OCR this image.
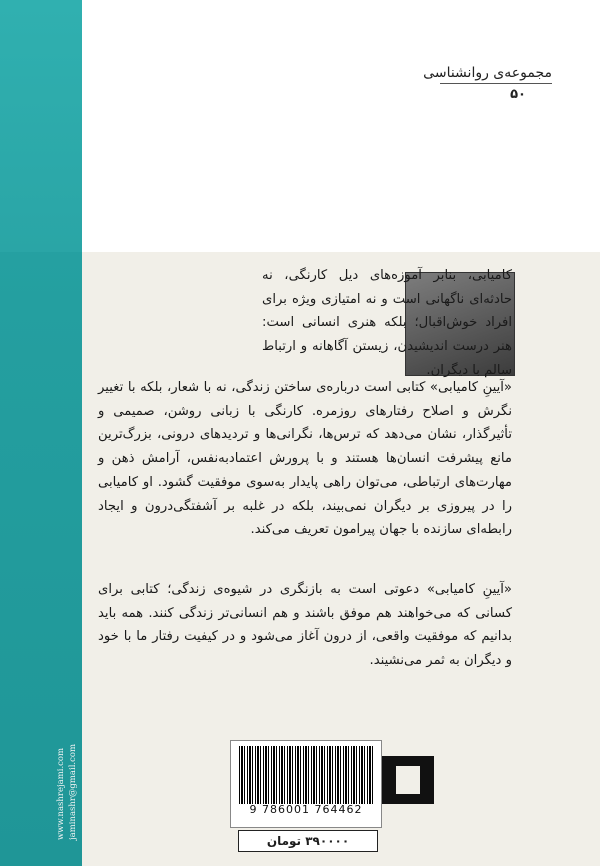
مجموعه‌ی روانشناسی
۵۰
کامیابی، بنابر آموزه‌های دیل کارنگی، نه حادثه‌ای ناگهانی است و نه امتیازی ویژه برای افراد خوش‌اقبال؛ بلکه هنری انسانی است: هنر درست اندیشیدن، زیستن آگاهانه و ارتباط سالم با دیگران.
«آیینِ کامیابی» کتابی است درباره‌ی ساختن زندگی، نه با شعار، بلکه با تغییر نگرش و اصلاح رفتارهای روزمره. کارنگی با زبانی روشن، صمیمی و تأثیرگذار، نشان می‌دهد که ترس‌ها، نگرانی‌ها و تردیدهای درونی، بزرگ‌ترین مانع پیشرفت انسان‌ها هستند و با پرورش اعتمادبه‌نفس، آرامش ذهن و مهارت‌های ارتباطی، می‌توان راهی پایدار به‌سوی موفقیت گشود. او کامیابی را در پیروزی بر دیگران نمی‌بیند، بلکه در غلبه بر آشفتگی‌درون و ایجاد رابطه‌ای سازنده با جهان پیرامون تعریف می‌کند.
«آیینِ کامیابی» دعوتی است به بازنگری در شیوه‌ی زندگی؛ کتابی برای کسانی که می‌خواهند هم موفق باشند و هم انسانی‌تر زندگی کنند. همه باید بدانیم که موفقیت واقعی، از درون آغاز می‌شود و در کیفیت رفتار ما با خود و دیگران به ثمر می‌نشیند.
www.nashrejami.com jaminashr@gmail.com	9 786001 764462
۳۹۰۰۰۰ تومان
